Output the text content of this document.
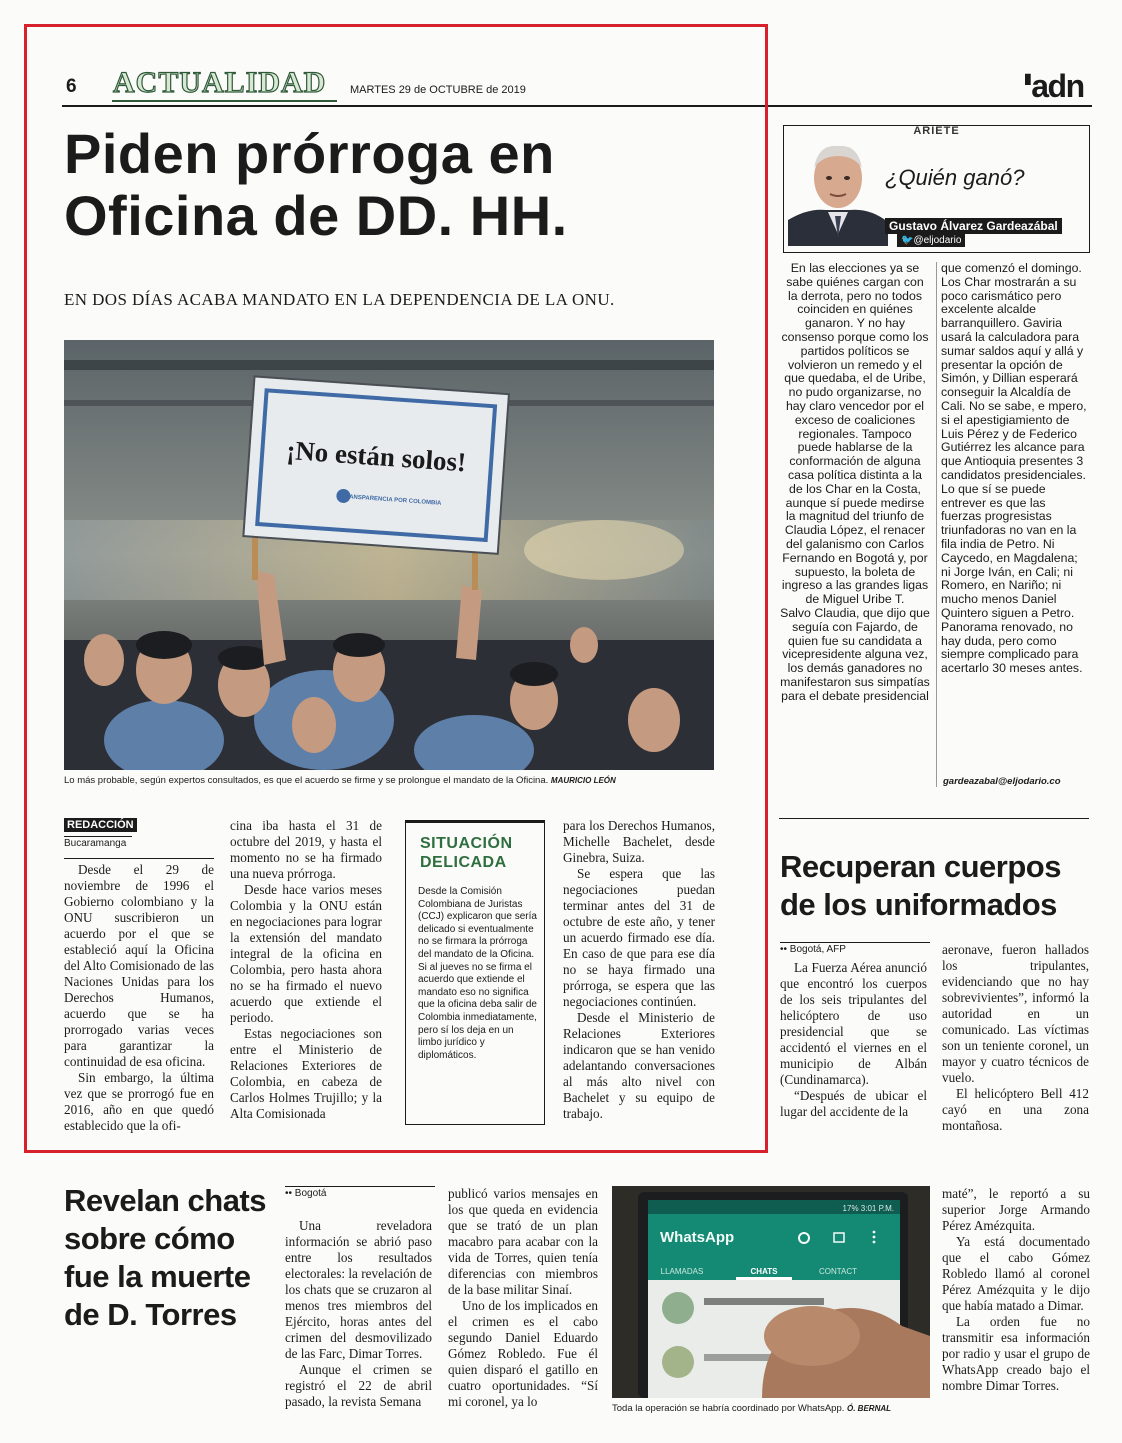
6 ACTUALIDAD MARTES 29 de OCTUBRE de 2019
▮adn
Piden prórroga en Oficina de DD. HH.
EN DOS DÍAS ACABA MANDATO EN LA DEPENDENCIA DE LA ONU.
¡No están solos!
TRANSPARENCIA POR COLOMBIA
Lo más probable, según expertos consultados, es que el acuerdo se firme y se prolongue el mandato de la Oficina. MAURICIO LEÓN
REDACCIÓN
Bucaramanga

Desde el 29 de noviembre de 1996 el Gobierno colombiano y la ONU suscribieron un acuerdo por el que se estableció aquí la Oficina del Alto Comisionado de las Naciones Unidas para los Derechos Humanos, acuerdo que se ha prorrogado varias veces para garantizar la continuidad de esa oficina.

Sin embargo, la última vez que se prorrogó fue en 2016, año en que quedó establecido que la ofi-

cina iba hasta el 31 de octubre del 2019, y hasta el momento no se ha firmado una nueva prórroga.

Desde hace varios meses Colombia y la ONU están en negociaciones para lograr la extensión del mandato integral de la oficina en Colombia, pero hasta ahora no se ha firmado el nuevo acuerdo que extiende el periodo.

Estas negociaciones son entre el Ministerio de Relaciones Exteriores de Colombia, en cabeza de Carlos Holmes Trujillo; y la Alta Comisionada

SITUACIÓN DELICADA
Desde la Comisión Colombiana de Juristas (CCJ) explicaron que sería delicado si eventualmente no se firmara la prórroga del mandato de la Oficina. Si al jueves no se firma el acuerdo que extiende el mandato eso no significa que la oficina deba salir de Colombia inmediatamente, pero sí los deja en un limbo jurídico y diplomáticos.

para los Derechos Humanos, Michelle Bachelet, desde Ginebra, Suiza.

Se espera que las negociaciones puedan terminar antes del 31 de octubre de este año, y tener un acuerdo firmado ese día. En caso de que para ese día no se haya firmado una prórroga, se espera que las negociaciones continúen.

Desde el Ministerio de Relaciones Exteriores indicaron que se han venido adelantando conversaciones al más alto nivel con Bachelet y su equipo de trabajo.

ARIETE
¿Quién ganó?
Gustavo Álvarez Gardeazábal
🐦@eljodario

En las elecciones ya se sabe quiénes cargan con la derrota, pero no todos coinciden en quiénes ganaron. Y no hay consenso porque como los partidos políticos se volvieron un remedo y el que quedaba, el de Uribe, no pudo organizarse, no hay claro vencedor por el exceso de coaliciones regionales. Tampoco puede hablarse de la conformación de alguna casa política distinta a la de los Char en la Costa, aunque sí puede medirse la magnitud del triunfo de Claudia López, el renacer del galanismo con Carlos Fernando en Bogotá y, por supuesto, la boleta de ingreso a las grandes ligas de Miguel Uribe T.

Salvo Claudia, que dijo que seguía con Fajardo, de quien fue su candidata a vicepresidente alguna vez, los demás ganadores no manifestaron sus simpatías para el debate presidencial

que comenzó el domingo. Los Char mostrarán a su poco carismático pero excelente alcalde barranquillero. Gaviria usará la calculadora para sumar saldos aquí y allá y presentar la opción de Simón, y Dillian esperará conseguir la Alcaldía de Cali. No se sabe, e mpero, si el apestigiamiento de Luis Pérez y de Federico Gutiérrez les alcance para que Antioquia presentes 3 candidatos presidenciales. Lo que sí se puede entrever es que las fuerzas progresistas triunfadoras no van en la fila india de Petro. Ni Caycedo, en Magdalena; ni Jorge Iván, en Cali; ni Romero, en Nariño; ni mucho menos Daniel Quintero siguen a Petro. Panorama renovado, no hay duda, pero como siempre complicado para acertarlo 30 meses antes.

gardeazabal@eljodario.co
Recuperan cuerpos de los uniformados
•• Bogotá, AFP

La Fuerza Aérea anunció que encontró los cuerpos de los seis tripulantes del helicóptero de uso presidencial que se accidentó el viernes en el municipio de Albán (Cundinamarca).

“Después de ubicar el lugar del accidente de la

aeronave, fueron hallados los tripulantes, evidenciando que no hay sobrevivientes”, informó la autoridad en un comunicado. Las víctimas son un teniente coronel, un mayor y cuatro técnicos de vuelo.

El helicóptero Bell 412 cayó en una zona montañosa.

Revelan chats sobre cómo fue la muerte de D. Torres
•• Bogotá

Una reveladora información se abrió paso entre los resultados electorales: la revelación de los chats que se cruzaron al menos tres miembros del Ejército, horas antes del crimen del desmovilizado de las Farc, Dimar Torres.

Aunque el crimen se registró el 22 de abril pasado, la revista Semana

publicó varios mensajes en los que queda en evidencia que se trató de un plan macabro para acabar con la vida de Torres, quien tenía diferencias con miembros de la base militar Sinaí.

Uno de los implicados en el crimen es el cabo segundo Daniel Eduardo Gómez Robledo. Fue él quien disparó el gatillo en cuatro oportunidades. “Sí mi coronel, ya lo

17% 3:01 P.M.
WhatsApp
LLAMADAS	CHATS	CONTACT
Toda la operación se habría coordinado por WhatsApp. Ó. BERNAL

maté”, le reportó a su superior Jorge Armando Pérez Amézquita.

Ya está documentado que el cabo Gómez Robledo llamó al coronel Pérez Amézquita y le dijo que había matado a Dimar.

La orden fue no transmitir esa información por radio y usar el grupo de WhatsApp creado bajo el nombre Dimar Torres.
